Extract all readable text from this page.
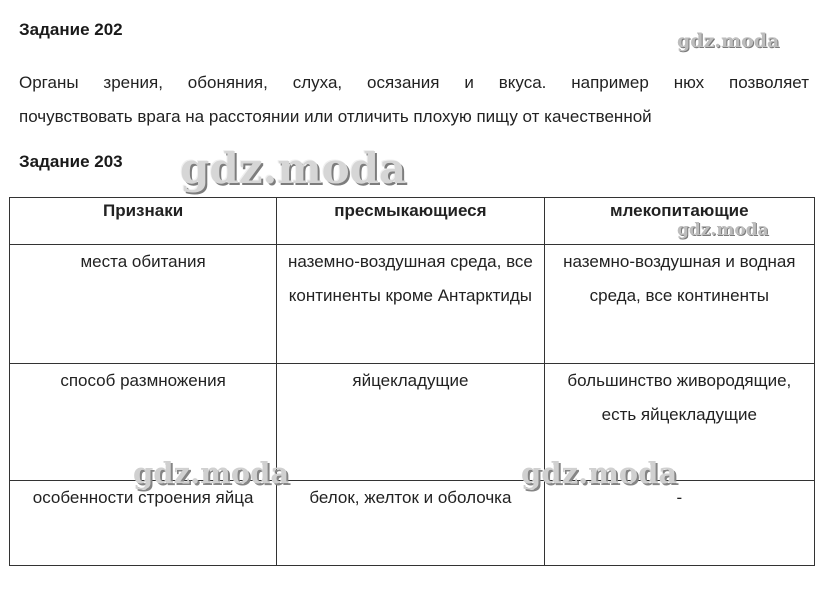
Задание 202
Органы зрения, обоняния, слуха, осязания и вкуса. например нюх позволяет
почувствовать врага на расстоянии или отличить плохую пищу от качественной
Задание 203
Признаки	пресмыкающиеся	млекопитающие
места обитания	наземно-воздушная среда, все континенты кроме Антарктиды	наземно-воздушная и водная среда, все континенты
способ размножения	яйцекладущие	большинство живородящие, есть яйцекладущие
особенности строения яйца	белок, желток и оболочка	-
gdz.moda
gdz.moda
gdz.moda
gdz.moda	gdz.moda
